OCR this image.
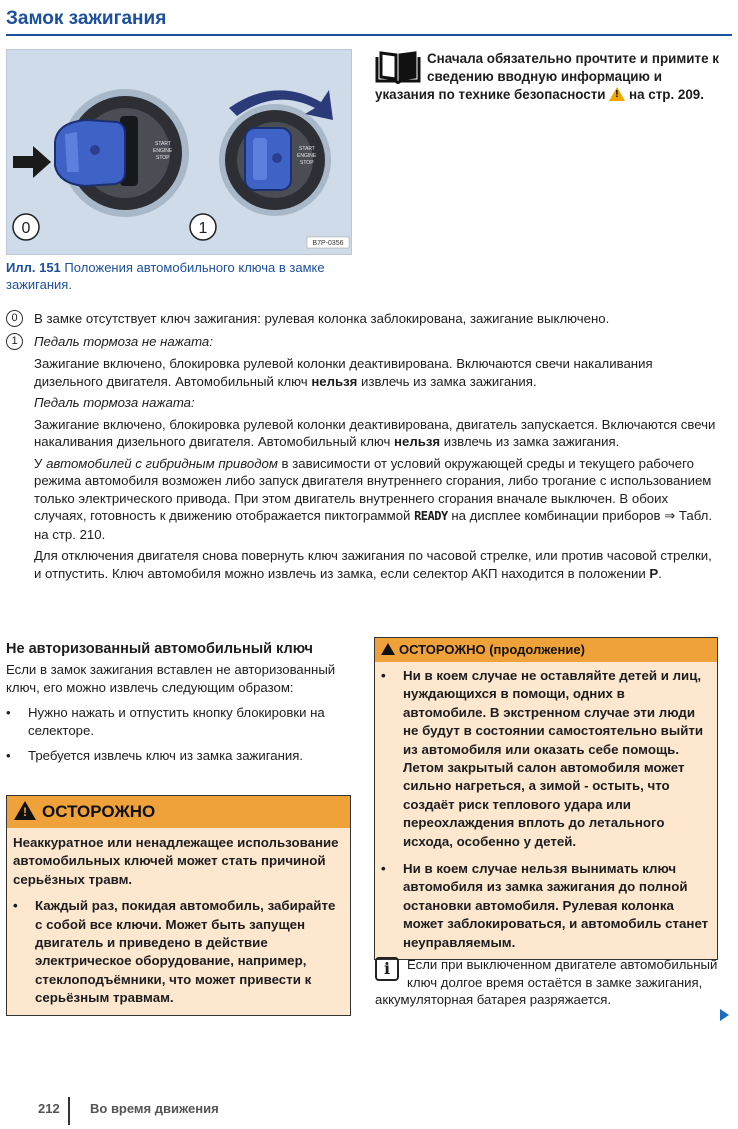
Замок зажигания
START
ENGINE
STOP
START
ENGINE
STOP
0	1
B7P-0356
Илл. 151 Положения автомобильного ключа в замке зажигания.
Сначала обязательно прочтите и примите к сведению вводную информацию и указания по технике безопасности ! на стр. 209.
0	В замке отсутствует ключ зажигания: рулевая колонка заблокирована, зажигание выключено.
1	Педаль тормоза не нажата:
Зажигание включено, блокировка рулевой колонки деактивирована. Включаются свечи накаливания дизельного двигателя. Автомобильный ключ нельзя извлечь из замка зажигания.
Педаль тормоза нажата:
Зажигание включено, блокировка рулевой колонки деактивирована, двигатель запускается. Включаются свечи накаливания дизельного двигателя. Автомобильный ключ нельзя извлечь из замка зажигания.
У автомобилей с гибридным приводом в зависимости от условий окружающей среды и текущего рабочего режима автомобиля возможен либо запуск двигателя внутреннего сгорания, либо трогание с использованием только электрического привода. При этом двигатель внутреннего сгорания вначале выключен. В обоих случаях, готовность к движению отображается пиктограммой READY на дисплее комбинации приборов ⇒ Табл. на стр. 210.
Для отключения двигателя снова повернуть ключ зажигания по часовой стрелке, или против часовой стрелки, и отпустить. Ключ автомобиля можно извлечь из замка, если селектор АКП находится в положении P.
Не авторизованный автомобильный ключ

Если в замок зажигания вставлен не авторизованный ключ, его можно извлечь следующим образом:

• Нужно нажать и отпустить кнопку блокировки на селекторе.

• Требуется извлечь ключ из замка зажигания.

!ОСТОРОЖНО

Неаккуратное или ненадлежащее использование автомобильных ключей может стать причиной серьёзных травм.

• Каждый раз, покидая автомобиль, забирайте с собой все ключи. Может быть запущен двигатель и приведено в действие электрическое оборудование, например, стеклоподъёмники, что может привести к серьёзным травмам.

ОСТОРОЖНО (продолжение)

• Ни в коем случае не оставляйте детей и лиц, нуждающихся в помощи, одних в автомобиле. В экстренном случае эти люди не будут в состоянии самостоятельно выйти из автомобиля или оказать себе помощь. Летом закрытый салон автомобиля может сильно нагреться, а зимой - остыть, что создаёт риск теплового удара или переохлаждения вплоть до летального исхода, особенно у детей.

• Ни в коем случае нельзя вынимать ключ автомобиля из замка зажигания до полной остановки автомобиля. Рулевая колонка может заблокироваться, и автомобиль станет неуправляемым.

i	Если при выключенном двигателе автомобильный ключ долгое время остаётся в замке зажигания, аккумуляторная батарея разряжается.
212 Во время движения
